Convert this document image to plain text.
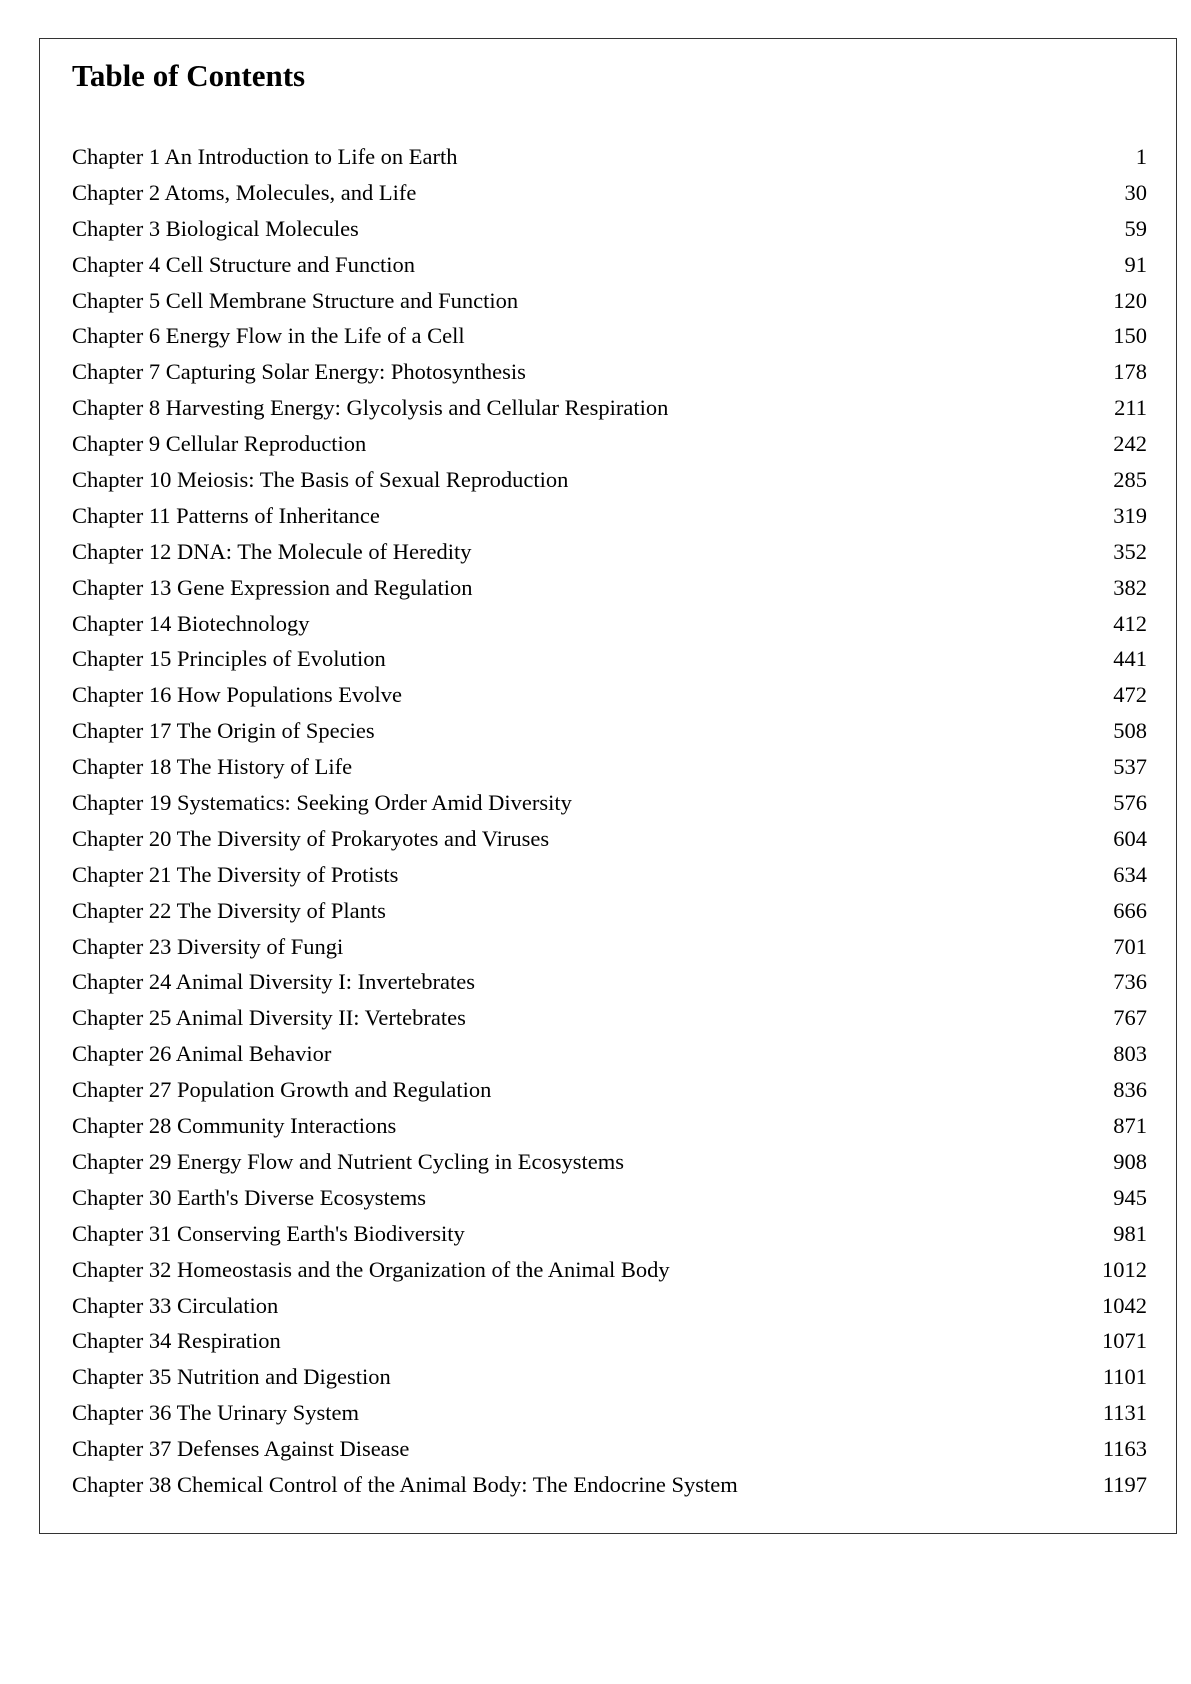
Table of Contents
Chapter 1 An Introduction to Life on Earth	1
Chapter 2 Atoms, Molecules, and Life	30
Chapter 3 Biological Molecules	59
Chapter 4 Cell Structure and Function	91
Chapter 5 Cell Membrane Structure and Function	120
Chapter 6 Energy Flow in the Life of a Cell	150
Chapter 7 Capturing Solar Energy: Photosynthesis	178
Chapter 8 Harvesting Energy: Glycolysis and Cellular Respiration	211
Chapter 9 Cellular Reproduction	242
Chapter 10 Meiosis: The Basis of Sexual Reproduction	285
Chapter 11 Patterns of Inheritance	319
Chapter 12 DNA: The Molecule of Heredity	352
Chapter 13 Gene Expression and Regulation	382
Chapter 14 Biotechnology	412
Chapter 15 Principles of Evolution	441
Chapter 16 How Populations Evolve	472
Chapter 17 The Origin of Species	508
Chapter 18 The History of Life	537
Chapter 19 Systematics: Seeking Order Amid Diversity	576
Chapter 20 The Diversity of Prokaryotes and Viruses	604
Chapter 21 The Diversity of Protists	634
Chapter 22 The Diversity of Plants	666
Chapter 23 Diversity of Fungi	701
Chapter 24 Animal Diversity I: Invertebrates	736
Chapter 25 Animal Diversity II: Vertebrates	767
Chapter 26 Animal Behavior	803
Chapter 27 Population Growth and Regulation	836
Chapter 28 Community Interactions	871
Chapter 29 Energy Flow and Nutrient Cycling in Ecosystems	908
Chapter 30 Earth's Diverse Ecosystems	945
Chapter 31 Conserving Earth's Biodiversity	981
Chapter 32 Homeostasis and the Organization of the Animal Body	1012
Chapter 33 Circulation	1042
Chapter 34 Respiration	1071
Chapter 35 Nutrition and Digestion	1101
Chapter 36 The Urinary System	1131
Chapter 37 Defenses Against Disease	1163
Chapter 38 Chemical Control of the Animal Body: The Endocrine System	1197
